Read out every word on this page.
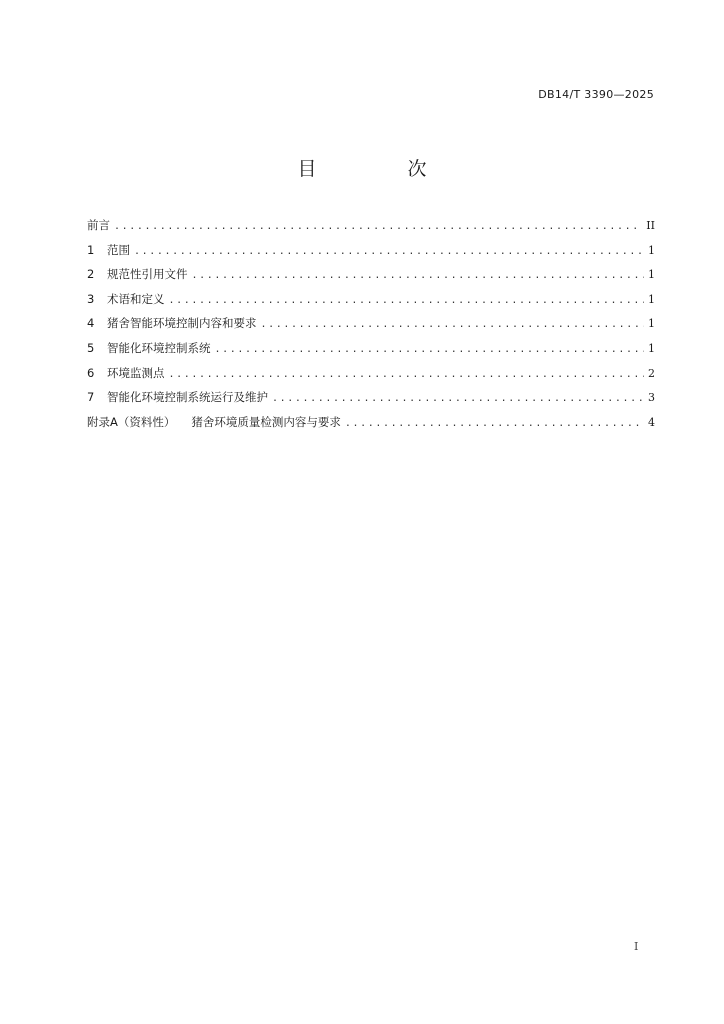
DB14/T 3390—2025
目　次
前言 .....	II
1	范围 .....	1
2	规范性引用文件 .....	1
3	术语和定义 .....	1
4	猪舍智能环境控制内容和要求 .....	1
5	智能化环境控制系统 .....	1
6	环境监测点 .....	2
7	智能化环境控制系统运行及维护 .....	3
附录A（资料性）	猪舍环境质量检测内容与要求 .....	4
I
